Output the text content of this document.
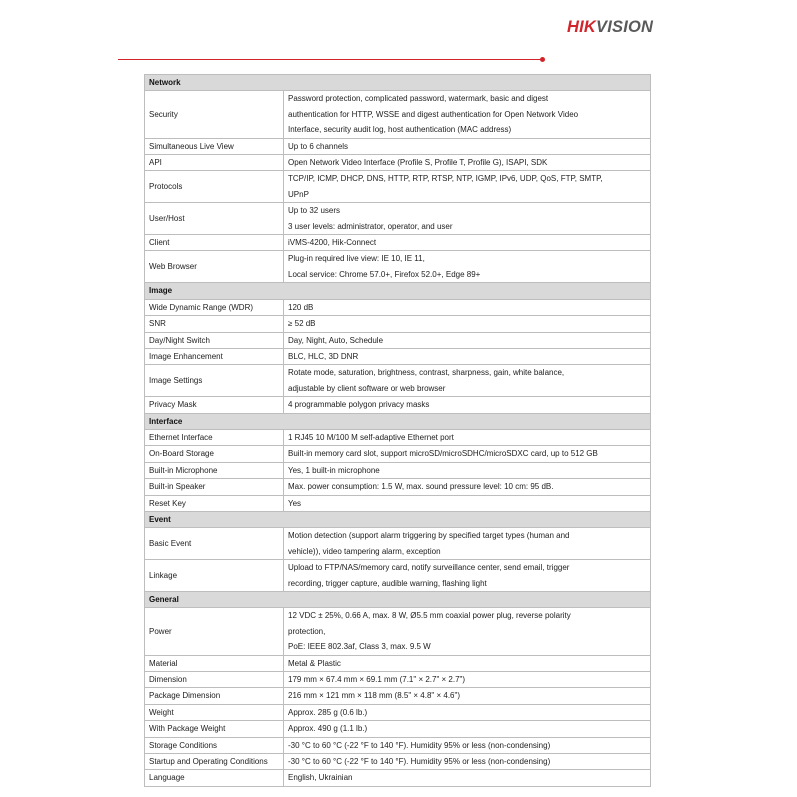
HIKVISION
Network	
Security	Password protection, complicated password, watermark, basic and digest
authentication for HTTP, WSSE and digest authentication for Open Network Video
Interface, security audit log, host authentication (MAC address)

Simultaneous Live View	Up to 6 channels

API	Open Network Video Interface (Profile S, Profile T, Profile G), ISAPI, SDK

Protocols	TCP/IP, ICMP, DHCP, DNS, HTTP, RTP, RTSP, NTP, IGMP, IPv6, UDP, QoS, FTP, SMTP,
UPnP

User/Host	Up to 32 users
3 user levels: administrator, operator, and user

Client	iVMS-4200, Hik-Connect

Web Browser	Plug-in required live view: IE 10, IE 11,
Local service: Chrome 57.0+, Firefox 52.0+, Edge 89+

Image	
Wide Dynamic Range (WDR)	120 dB

SNR	≥ 52 dB

Day/Night Switch	Day, Night, Auto, Schedule

Image Enhancement	BLC, HLC, 3D DNR

Image Settings	Rotate mode, saturation, brightness, contrast, sharpness, gain, white balance,
adjustable by client software or web browser

Privacy Mask	4 programmable polygon privacy masks

Interface	
Ethernet Interface	1 RJ45 10 M/100 M self-adaptive Ethernet port

On-Board Storage	Built-in memory card slot, support microSD/microSDHC/microSDXC card, up to 512 GB

Built-in Microphone	Yes, 1 built-in microphone

Built-in Speaker	Max. power consumption: 1.5 W, max. sound pressure level: 10 cm: 95 dB.

Reset Key	Yes

Event	
Basic Event	Motion detection (support alarm triggering by specified target types (human and
vehicle)), video tampering alarm, exception

Linkage	Upload to FTP/NAS/memory card, notify surveillance center, send email, trigger
recording, trigger capture, audible warning, flashing light

General	
Power	12 VDC ± 25%, 0.66 A, max. 8 W, Ø5.5 mm coaxial power plug, reverse polarity
protection,
PoE: IEEE 802.3af, Class 3, max. 9.5 W

Material	Metal & Plastic

Dimension	179 mm × 67.4 mm × 69.1 mm (7.1" × 2.7" × 2.7")

Package Dimension	216 mm × 121 mm × 118 mm (8.5" × 4.8" × 4.6")

Weight	Approx. 285 g (0.6 lb.)

With Package Weight	Approx. 490 g (1.1 lb.)

Storage Conditions	-30 °C to 60 °C (-22 °F to 140 °F). Humidity 95% or less (non-condensing)

Startup and Operating Conditions	-30 °C to 60 °C (-22 °F to 140 °F). Humidity 95% or less (non-condensing)

Language	English, Ukrainian
